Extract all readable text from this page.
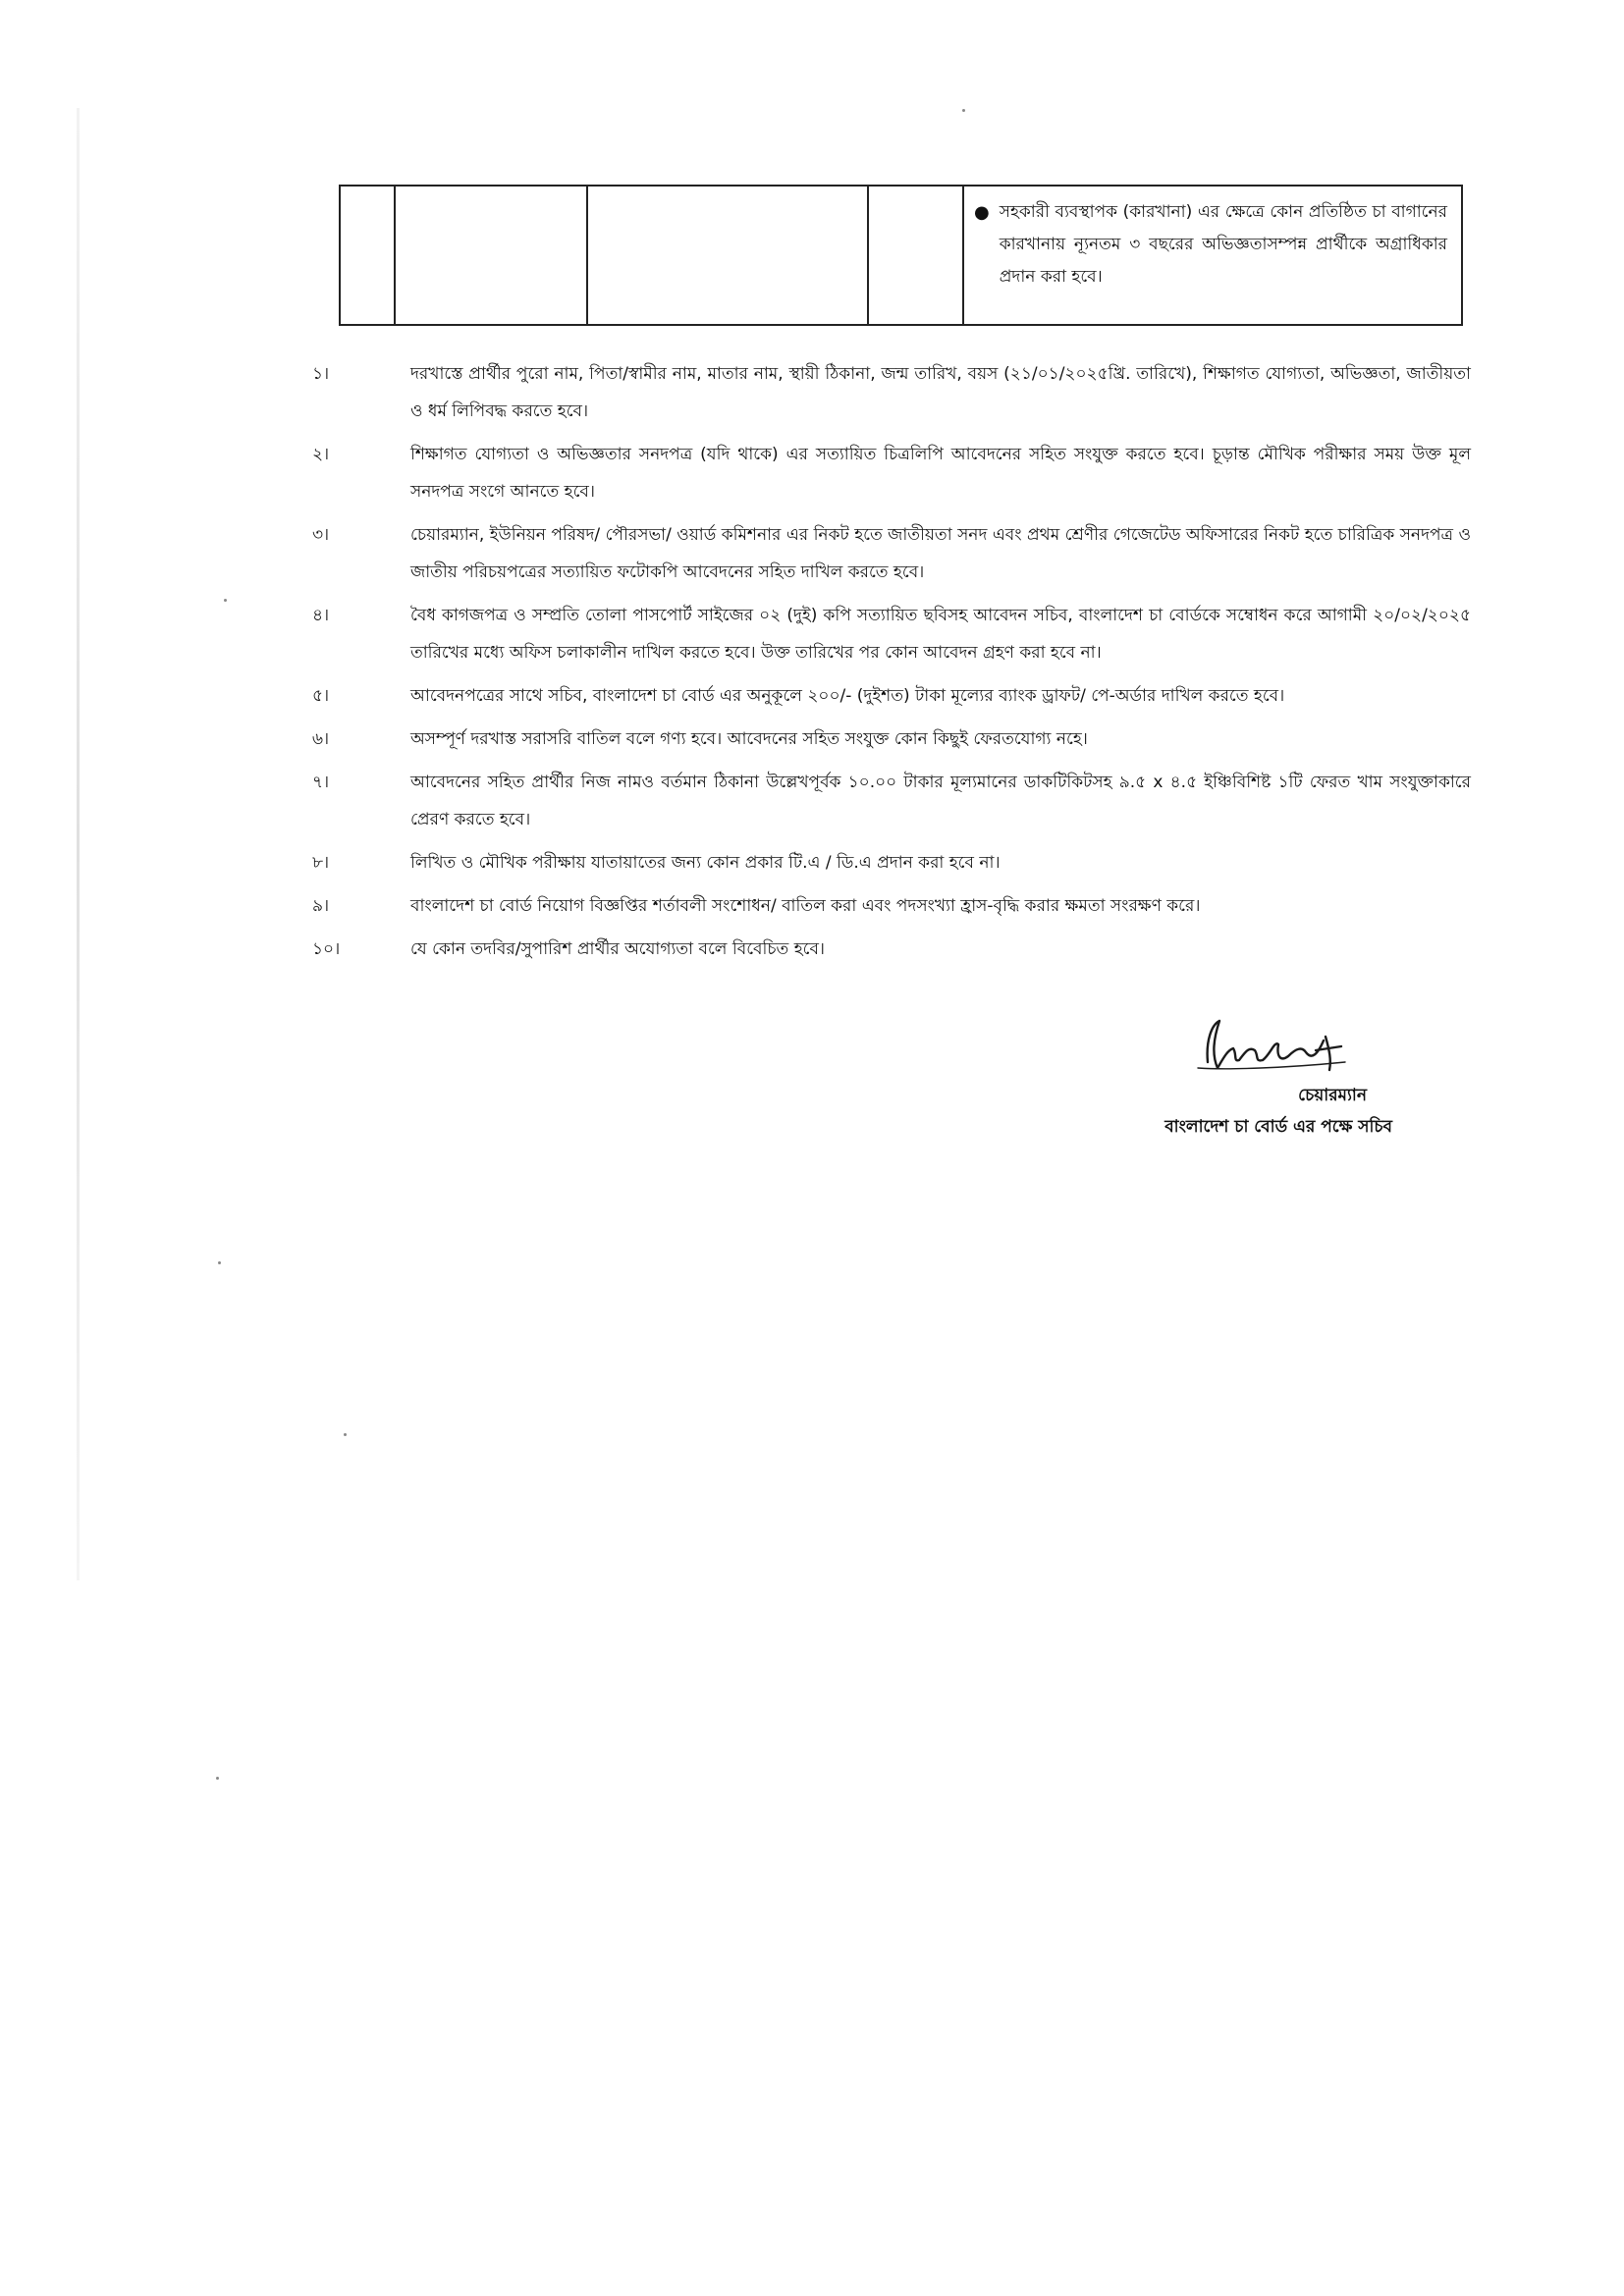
● সহকারী ব্যবস্থাপক (কারখানা) এর ক্ষেত্রে কোন প্রতিষ্ঠিত চা বাগানের কারখানায় ন্যূনতম ৩ বছরের অভিজ্ঞতাসম্পন্ন প্রার্থীকে অগ্রাধিকার প্রদান করা হবে।
১।	দরখাস্তে প্রার্থীর পুরো নাম, পিতা/স্বামীর নাম, মাতার নাম, স্থায়ী ঠিকানা, জন্ম তারিখ, বয়স (২১/০১/২০২৫খ্রি. তারিখে), শিক্ষাগত যোগ্যতা, অভিজ্ঞতা, জাতীয়তা ও ধর্ম লিপিবদ্ধ করতে হবে।
২।	শিক্ষাগত যোগ্যতা ও অভিজ্ঞতার সনদপত্র (যদি থাকে) এর সত্যায়িত চিত্রলিপি আবেদনের সহিত সংযুক্ত করতে হবে। চূড়ান্ত মৌখিক পরীক্ষার সময় উক্ত মূল সনদপত্র সংগে আনতে হবে।
৩।	চেয়ারম্যান, ইউনিয়ন পরিষদ/ পৌরসভা/ ওয়ার্ড কমিশনার এর নিকট হতে জাতীয়তা সনদ এবং প্রথম শ্রেণীর গেজেটেড অফিসারের নিকট হতে চারিত্রিক সনদপত্র ও জাতীয় পরিচয়পত্রের সত্যায়িত ফটোকপি আবেদনের সহিত দাখিল করতে হবে।
৪।	বৈধ কাগজপত্র ও সম্প্রতি তোলা পাসপোর্ট সাইজের ০২ (দুই) কপি সত্যায়িত ছবিসহ আবেদন সচিব, বাংলাদেশ চা বোর্ডকে সম্বোধন করে আগামী ২০/০২/২০২৫ তারিখের মধ্যে অফিস চলাকালীন দাখিল করতে হবে। উক্ত তারিখের পর কোন আবেদন গ্রহণ করা হবে না।
৫।	আবেদনপত্রের সাথে সচিব, বাংলাদেশ চা বোর্ড এর অনুকূলে ২০০/- (দুইশত) টাকা মূল্যের ব্যাংক ড্রাফট/ পে-অর্ডার দাখিল করতে হবে।
৬।	অসম্পূর্ণ দরখাস্ত সরাসরি বাতিল বলে গণ্য হবে। আবেদনের সহিত সংযুক্ত কোন কিছুই ফেরতযোগ্য নহে।
৭।	আবেদনের সহিত প্রার্থীর নিজ নামও বর্তমান ঠিকানা উল্লেখপূর্বক ১০.০০ টাকার মূল্যমানের ডাকটিকিটসহ ৯.৫ x ৪.৫ ইঞ্চিবিশিষ্ট ১টি ফেরত খাম সংযুক্তাকারে প্রেরণ করতে হবে।
৮।	লিখিত ও মৌখিক পরীক্ষায় যাতায়াতের জন্য কোন প্রকার টি.এ / ডি.এ প্রদান করা হবে না।
৯।	বাংলাদেশ চা বোর্ড নিয়োগ বিজ্ঞপ্তির শর্তাবলী সংশোধন/ বাতিল করা এবং পদসংখ্যা হ্রাস-বৃদ্ধি করার ক্ষমতা সংরক্ষণ করে।
১০।	যে কোন তদবির/সুপারিশ প্রার্থীর অযোগ্যতা বলে বিবেচিত হবে।
চেয়ারম্যান
বাংলাদেশ চা বোর্ড এর পক্ষে সচিব
